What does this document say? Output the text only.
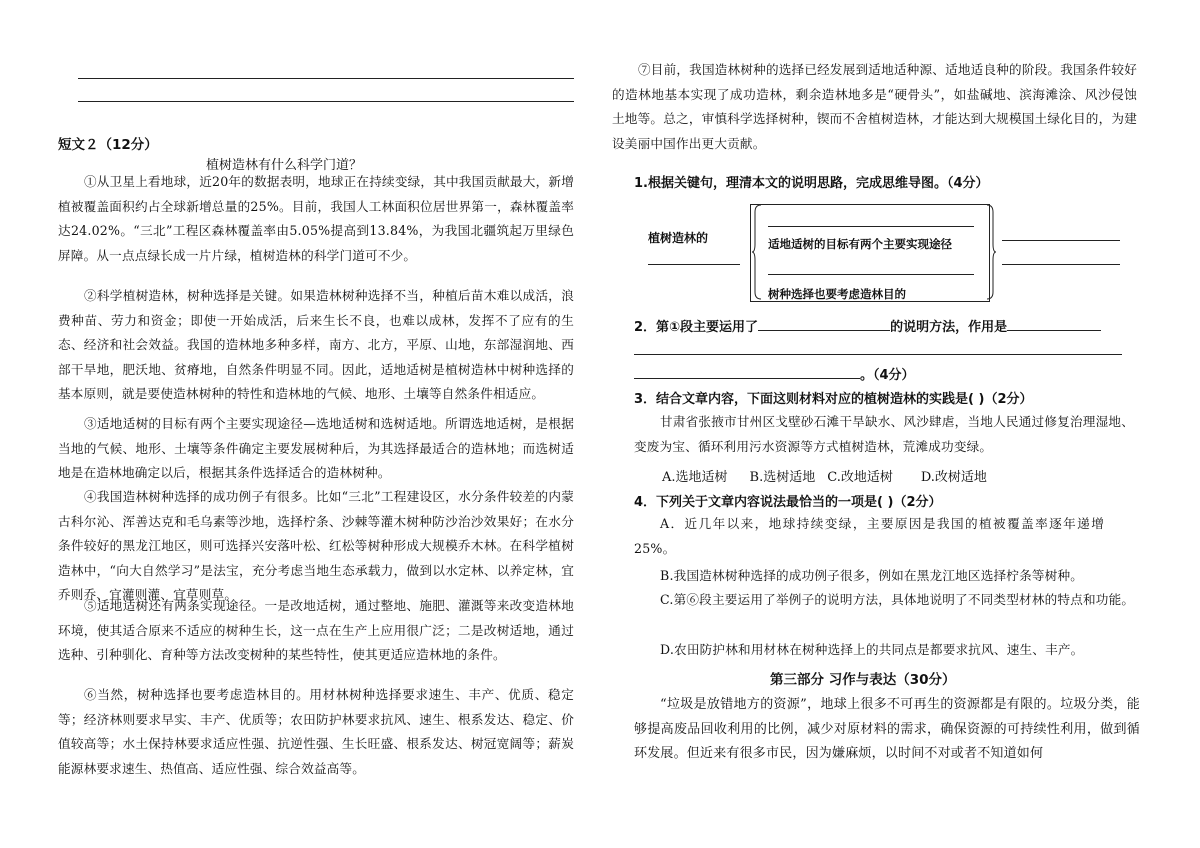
短文２（12分）
植树造林有什么科学门道？
①从卫星上看地球，近20年的数据表明，地球正在持续变绿，其中我国贡献最大，新增植被覆盖面积约占全球新增总量的25%。目前，我国人工林面积位居世界第一，森林覆盖率达24.02%。“三北”工程区森林覆盖率由5.05%提高到13.84%，为我国北疆筑起万里绿色屏障。从一点点绿长成一片片绿，植树造林的科学门道可不少。
②科学植树造林，树种选择是关键。如果造林树种选择不当，种植后苗木难以成活，浪费种苗、劳力和资金；即使一开始成活，后来生长不良，也难以成林，发挥不了应有的生态、经济和社会效益。我国的造林地多种多样，南方、北方，平原、山地，东部湿润地、西部干旱地，肥沃地、贫瘠地，自然条件明显不同。因此，适地适树是植树造林中树种选择的基本原则，就是要使造林树种的特性和造林地的气候、地形、土壤等自然条件相适应。
③适地适树的目标有两个主要实现途径—选地适树和选树适地。所谓选地适树，是根据当地的气候、地形、土壤等条件确定主要发展树种后，为其选择最适合的造林地；而选树适地是在造林地确定以后，根据其条件选择适合的造林树种。
④我国造林树种选择的成功例子有很多。比如“三北”工程建设区，水分条件较差的内蒙古科尔沁、浑善达克和毛乌素等沙地，选择柠条、沙棘等灌木树种防沙治沙效果好；在水分条件较好的黑龙江地区，则可选择兴安落叶松、红松等树种形成大规模乔木林。在科学植树造林中，“向大自然学习”是法宝，充分考虑当地生态承载力，做到以水定林、以养定林，宜乔则乔、宜灌则灌、宜草则草。
⑤适地适树还有两条实现途径。一是改地适树，通过整地、施肥、灌溉等来改变造林地环境，使其适合原来不适应的树种生长，这一点在生产上应用很广泛；二是改树适地，通过选种、引种驯化、育种等方法改变树种的某些特性，使其更适应造林地的条件。
⑥当然，树种选择也要考虑造林目的。用材林树种选择要求速生、丰产、优质、稳定等；经济林则要求早实、丰产、优质等；农田防护林要求抗风、速生、根系发达、稳定、价值较高等；水土保持林要求适应性强、抗逆性强、生长旺盛、根系发达、树冠宽阔等；薪炭能源林要求速生、热值高、适应性强、综合效益高等。
⑦目前，我国造林树种的选择已经发展到适地适种源、适地适良种的阶段。我国条件较好的造林地基本实现了成功造林，剩余造林地多是“硬骨头”，如盐碱地、滨海滩涂、风沙侵蚀土地等。总之，审慎科学选择树种，锲而不舍植树造林，才能达到大规模国土绿化目的，为建设美丽中国作出更大贡献。
1.根据关键句，理清本文的说明思路，完成思维导图。（4分）
植树造林的	适地适树的目标有两个主要实现途径
树种选择也要考虑造林目的
2．第①段主要运用了	的说明方法，作用是
。（4分）
3．结合文章内容，下面这则材料对应的植树造林的实践是( )（2分）
甘肃省张掖市甘州区戈壁砂石滩干旱缺水、风沙肆虐，当地人民通过修复治理湿地、变废为宝、循环利用污水资源等方式植树造林，荒滩成功变绿。
A.选地适树 B.选树适地 C.改地适树 D.改树适地
4．下列关于文章内容说法最恰当的一项是( )（2分）
A．近几年以来，地球持续变绿，主要原因是我国的植被覆盖率逐年递增25%。
B.我国造林树种选择的成功例子很多，例如在黑龙江地区选择柠条等树种。
C.第⑥段主要运用了举例子的说明方法，具体地说明了不同类型材林的特点和功能。
D.农田防护林和用材林在树种选择上的共同点是都要求抗风、速生、丰产。
第三部分 习作与表达（30分）
“垃圾是放错地方的资源”，地球上很多不可再生的资源都是有限的。垃圾分类，能够提高废品回收利用的比例，减少对原材料的需求，确保资源的可持续性利用，做到循环发展。但近来有很多市民，因为嫌麻烦，以时间不对或者不知道如何
